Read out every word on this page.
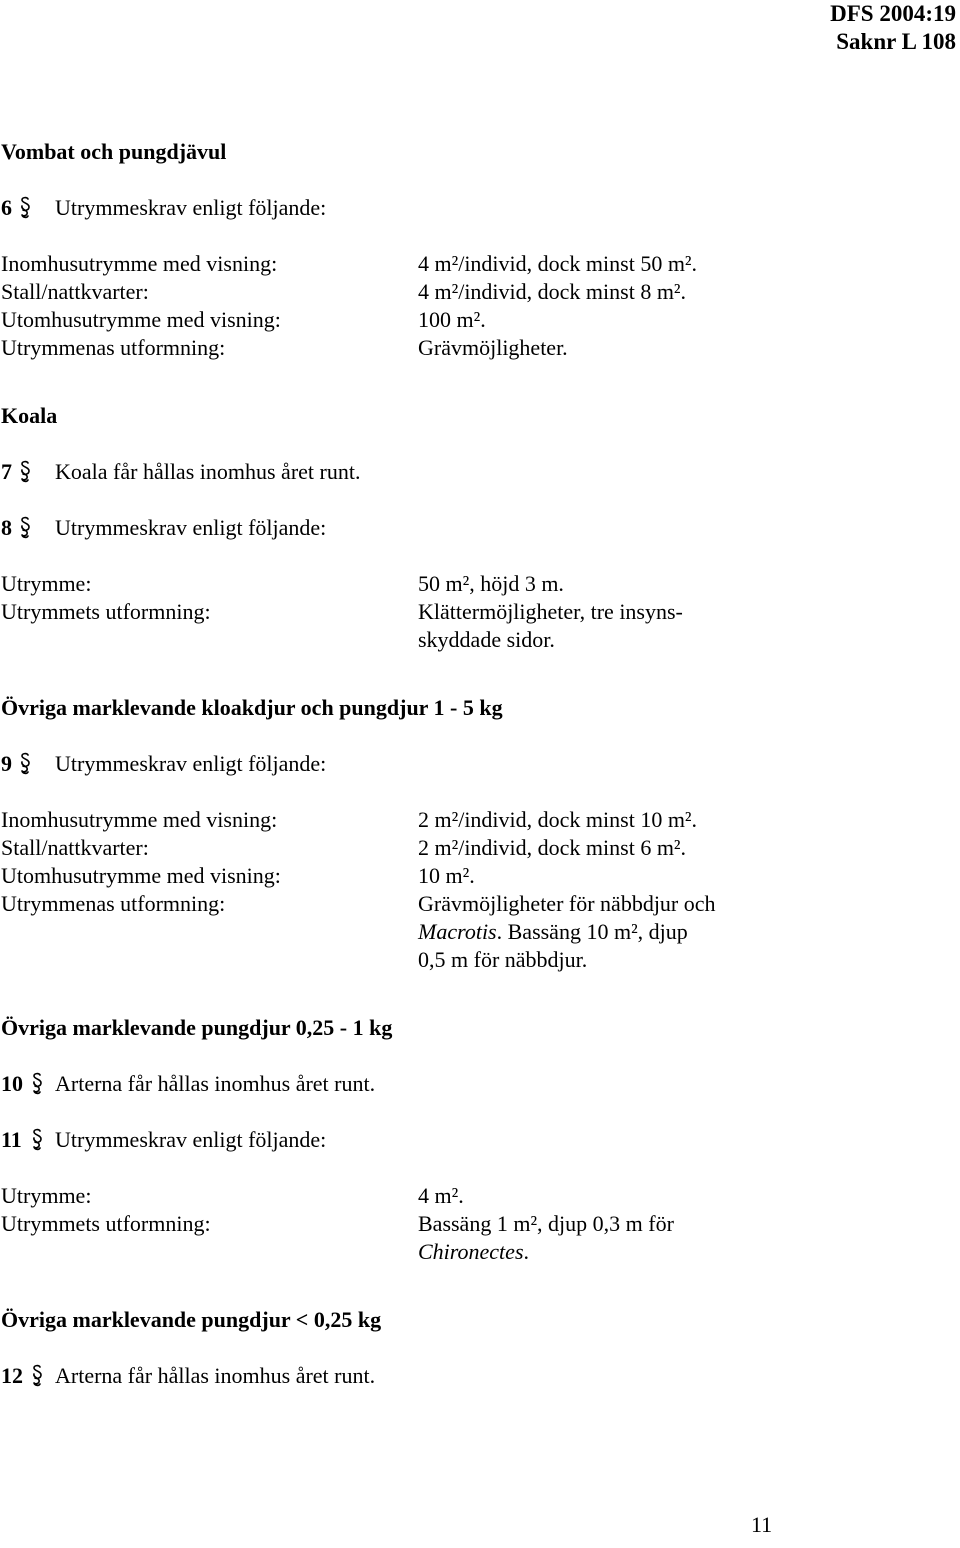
DFS 2004:19
Saknr L 108
Vombat och pungdjävul
6 Utrymmeskrav enligt följande:
Inomhusutrymme med visning:	4 m²/individ, dock minst 50 m².
Stall/nattkvarter:	4 m²/individ, dock minst 8 m².
Utomhusutrymme med visning:	100 m².
Utrymmenas utformning:	Grävmöjligheter.
Koala
7 Koala får hållas inomhus året runt.
8 Utrymmeskrav enligt följande:
Utrymme:	50 m², höjd 3 m.
Utrymmets utformning:	Klättermöjligheter, tre insyns-
skyddade sidor.
Övriga marklevande kloakdjur och pungdjur 1 - 5 kg
9 Utrymmeskrav enligt följande:
Inomhusutrymme med visning:	2 m²/individ, dock minst 10 m².
Stall/nattkvarter:	2 m²/individ, dock minst 6 m².
Utomhusutrymme med visning:	10 m².
Utrymmenas utformning:	Grävmöjligheter för näbbdjur och
Macrotis. Bassäng 10 m², djup
0,5 m för näbbdjur.
Övriga marklevande pungdjur 0,25 - 1 kg
10 Arterna får hållas inomhus året runt.
11 Utrymmeskrav enligt följande:
Utrymme:	4 m².
Utrymmets utformning:	Bassäng 1 m², djup 0,3 m för
Chironectes.
Övriga marklevande pungdjur < 0,25 kg
12 Arterna får hållas inomhus året runt.
11
